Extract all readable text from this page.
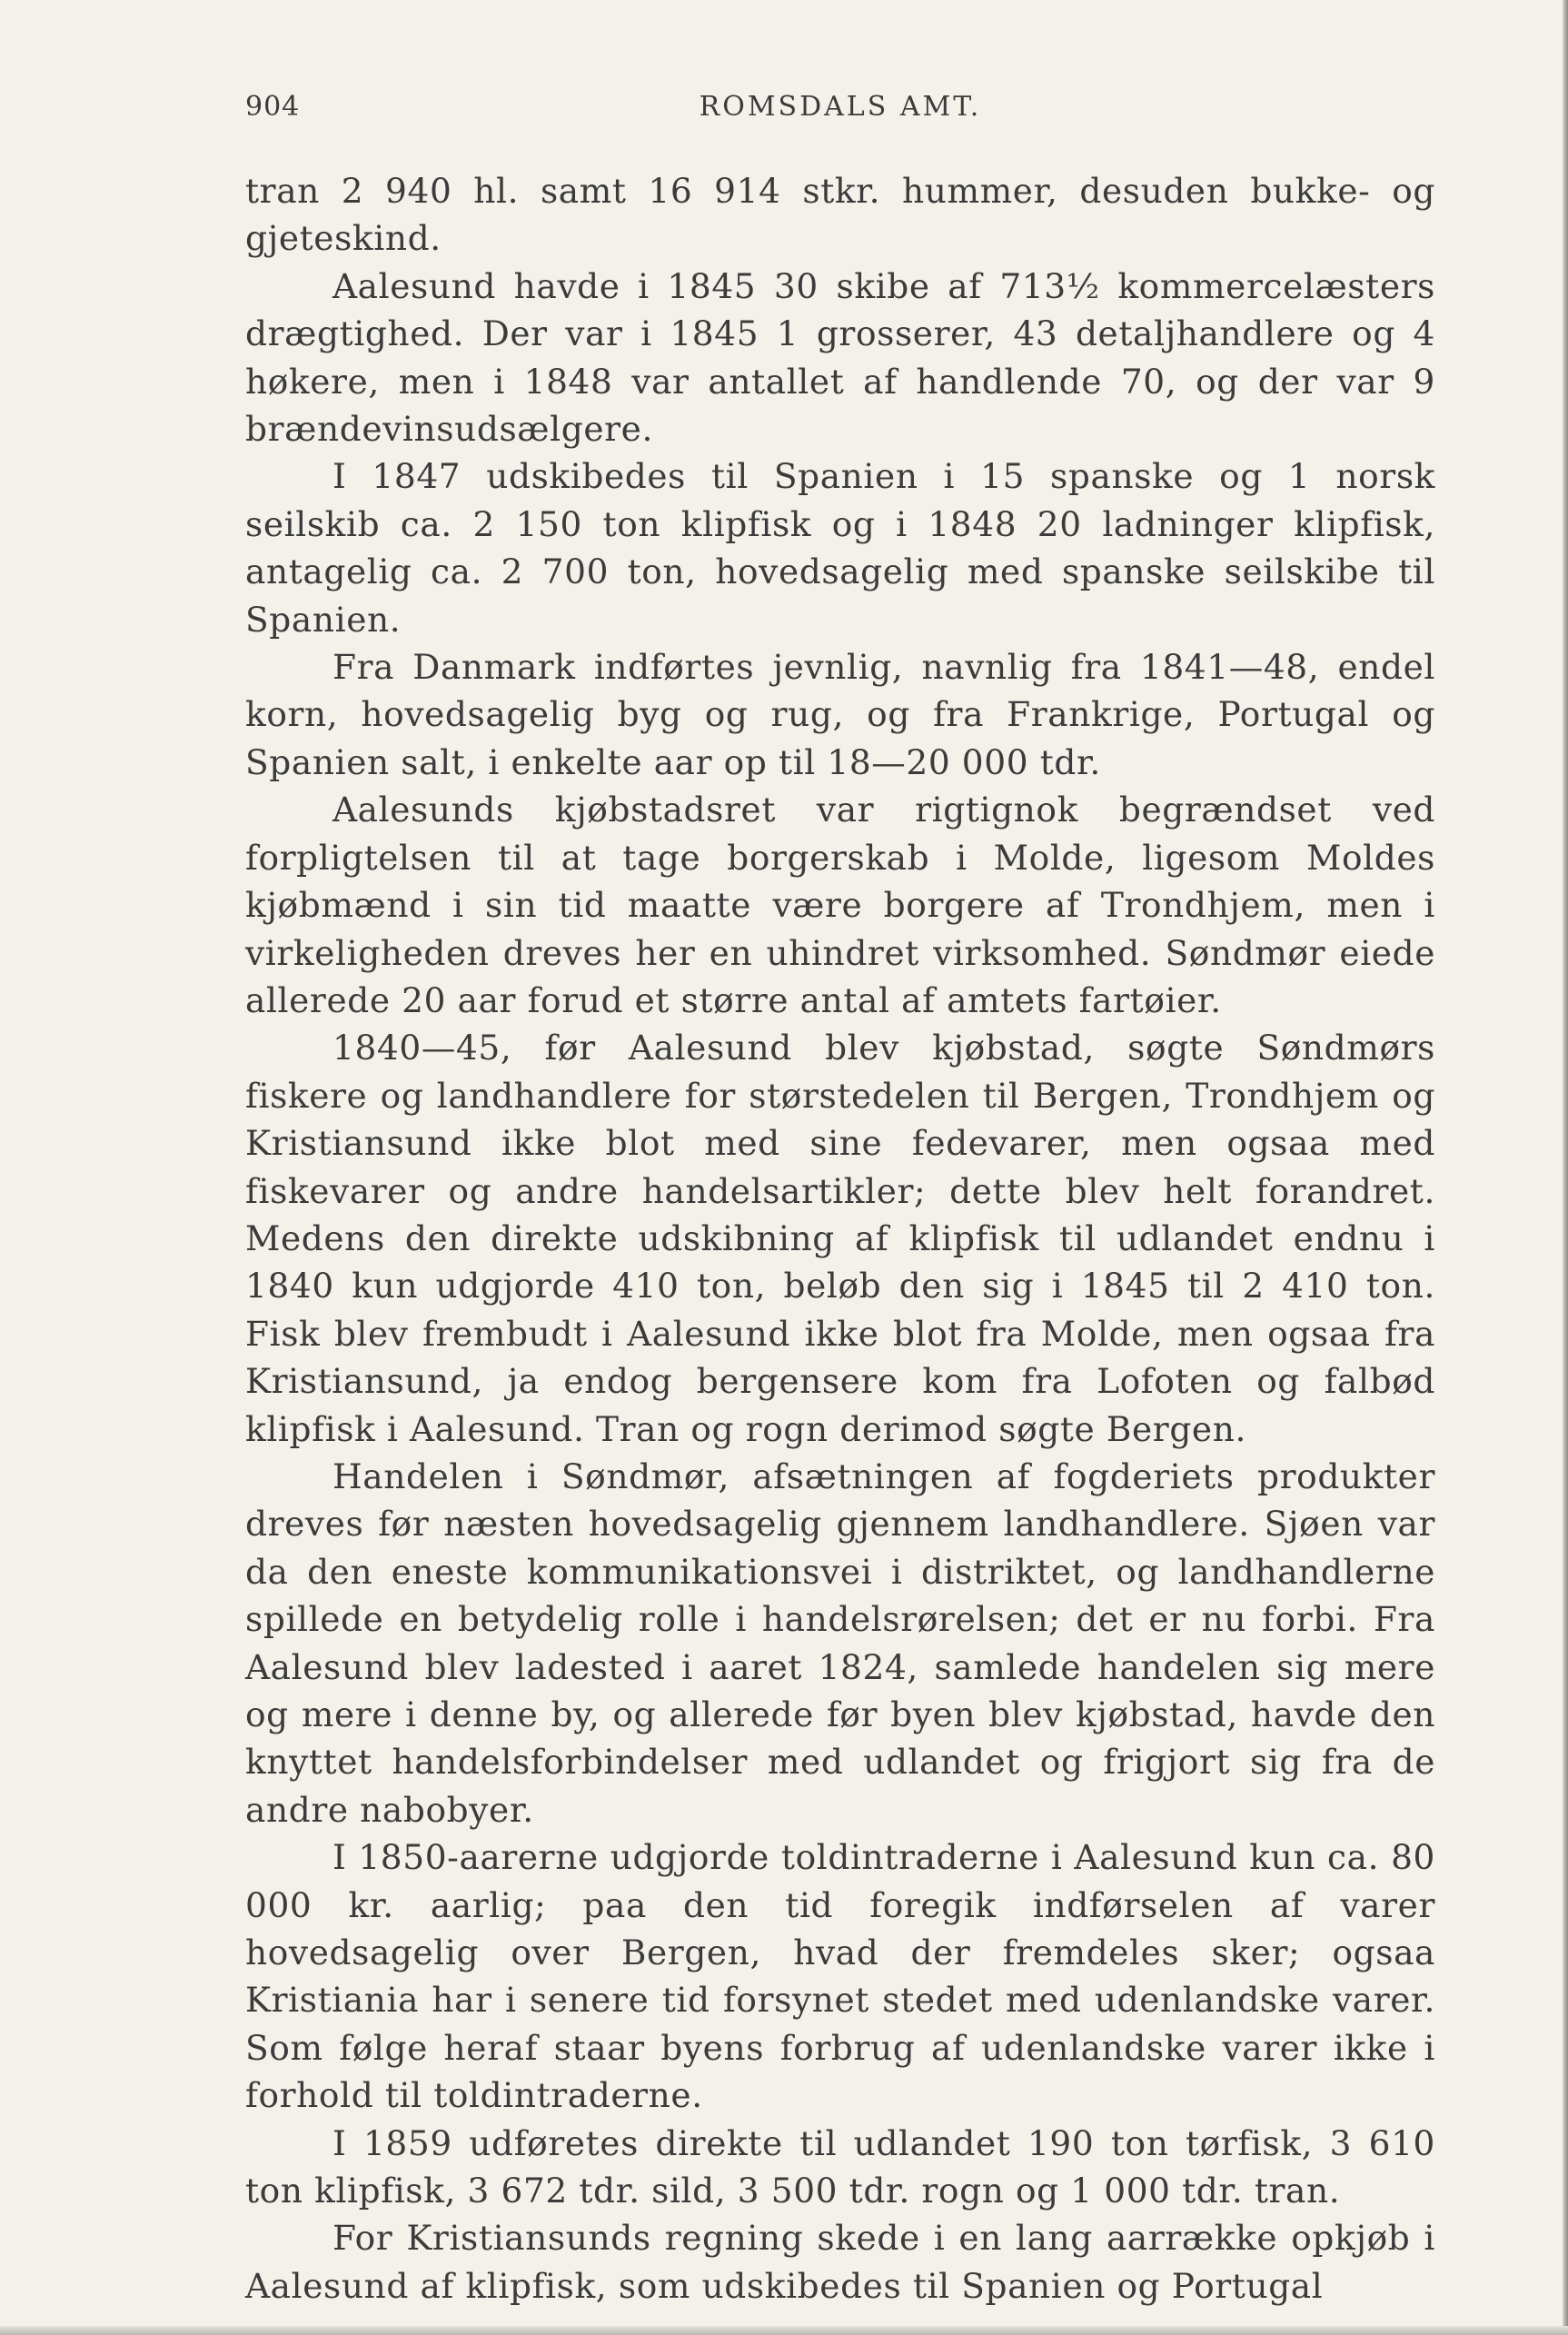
904	ROMSDALS AMT.

tran 2 940 hl. samt 16 914 stkr. hummer, desuden bukke- og gjeteskind.

Aalesund havde i 1845 30 skibe af 713½ kommercelæsters drægtighed. Der var i 1845 1 grosserer, 43 detaljhandlere og 4 høkere, men i 1848 var antallet af handlende 70, og der var 9 brændevinsudsælgere.

I 1847 udskibedes til Spanien i 15 spanske og 1 norsk seilskib ca. 2 150 ton klipfisk og i 1848 20 ladninger klipfisk, antagelig ca. 2 700 ton, hovedsagelig med spanske seilskibe til Spanien.

Fra Danmark indførtes jevnlig, navnlig fra 1841—48, endel korn, hovedsagelig byg og rug, og fra Frankrige, Portugal og Spanien salt, i enkelte aar op til 18—20 000 tdr.

Aalesunds kjøbstadsret var rigtignok begrændset ved forpligtelsen til at tage borgerskab i Molde, ligesom Moldes kjøbmænd i sin tid maatte være borgere af Trondhjem, men i virkeligheden dreves her en uhindret virksomhed. Søndmør eiede allerede 20 aar forud et større antal af amtets fartøier.

1840—45, før Aalesund blev kjøbstad, søgte Søndmørs fiskere og landhandlere for størstedelen til Bergen, Trondhjem og Kristiansund ikke blot med sine fedevarer, men ogsaa med fiskevarer og andre handelsartikler; dette blev helt forandret. Medens den direkte udskibning af klipfisk til udlandet endnu i 1840 kun udgjorde 410 ton, beløb den sig i 1845 til 2 410 ton. Fisk blev frembudt i Aalesund ikke blot fra Molde, men ogsaa fra Kristiansund, ja endog bergensere kom fra Lofoten og falbød klipfisk i Aalesund. Tran og rogn derimod søgte Bergen.

Handelen i Søndmør, afsætningen af fogderiets produkter dreves før næsten hovedsagelig gjennem landhandlere. Sjøen var da den eneste kommunikationsvei i distriktet, og landhandlerne spillede en betydelig rolle i handelsrørelsen; det er nu forbi. Fra Aalesund blev ladested i aaret 1824, samlede handelen sig mere og mere i denne by, og allerede før byen blev kjøbstad, havde den knyttet handelsforbindelser med udlandet og frigjort sig fra de andre nabobyer.

I 1850-aarerne udgjorde toldintraderne i Aalesund kun ca. 80 000 kr. aarlig; paa den tid foregik indførselen af varer hovedsagelig over Bergen, hvad der fremdeles sker; ogsaa Kristiania har i senere tid forsynet stedet med udenlandske varer. Som følge heraf staar byens forbrug af udenlandske varer ikke i forhold til toldintraderne.

I 1859 udføretes direkte til udlandet 190 ton tørfisk, 3 610 ton klipfisk, 3 672 tdr. sild, 3 500 tdr. rogn og 1 000 tdr. tran.

For Kristiansunds regning skede i en lang aarrække opkjøb i Aalesund af klipfisk, som udskibedes til Spanien og Portugal
